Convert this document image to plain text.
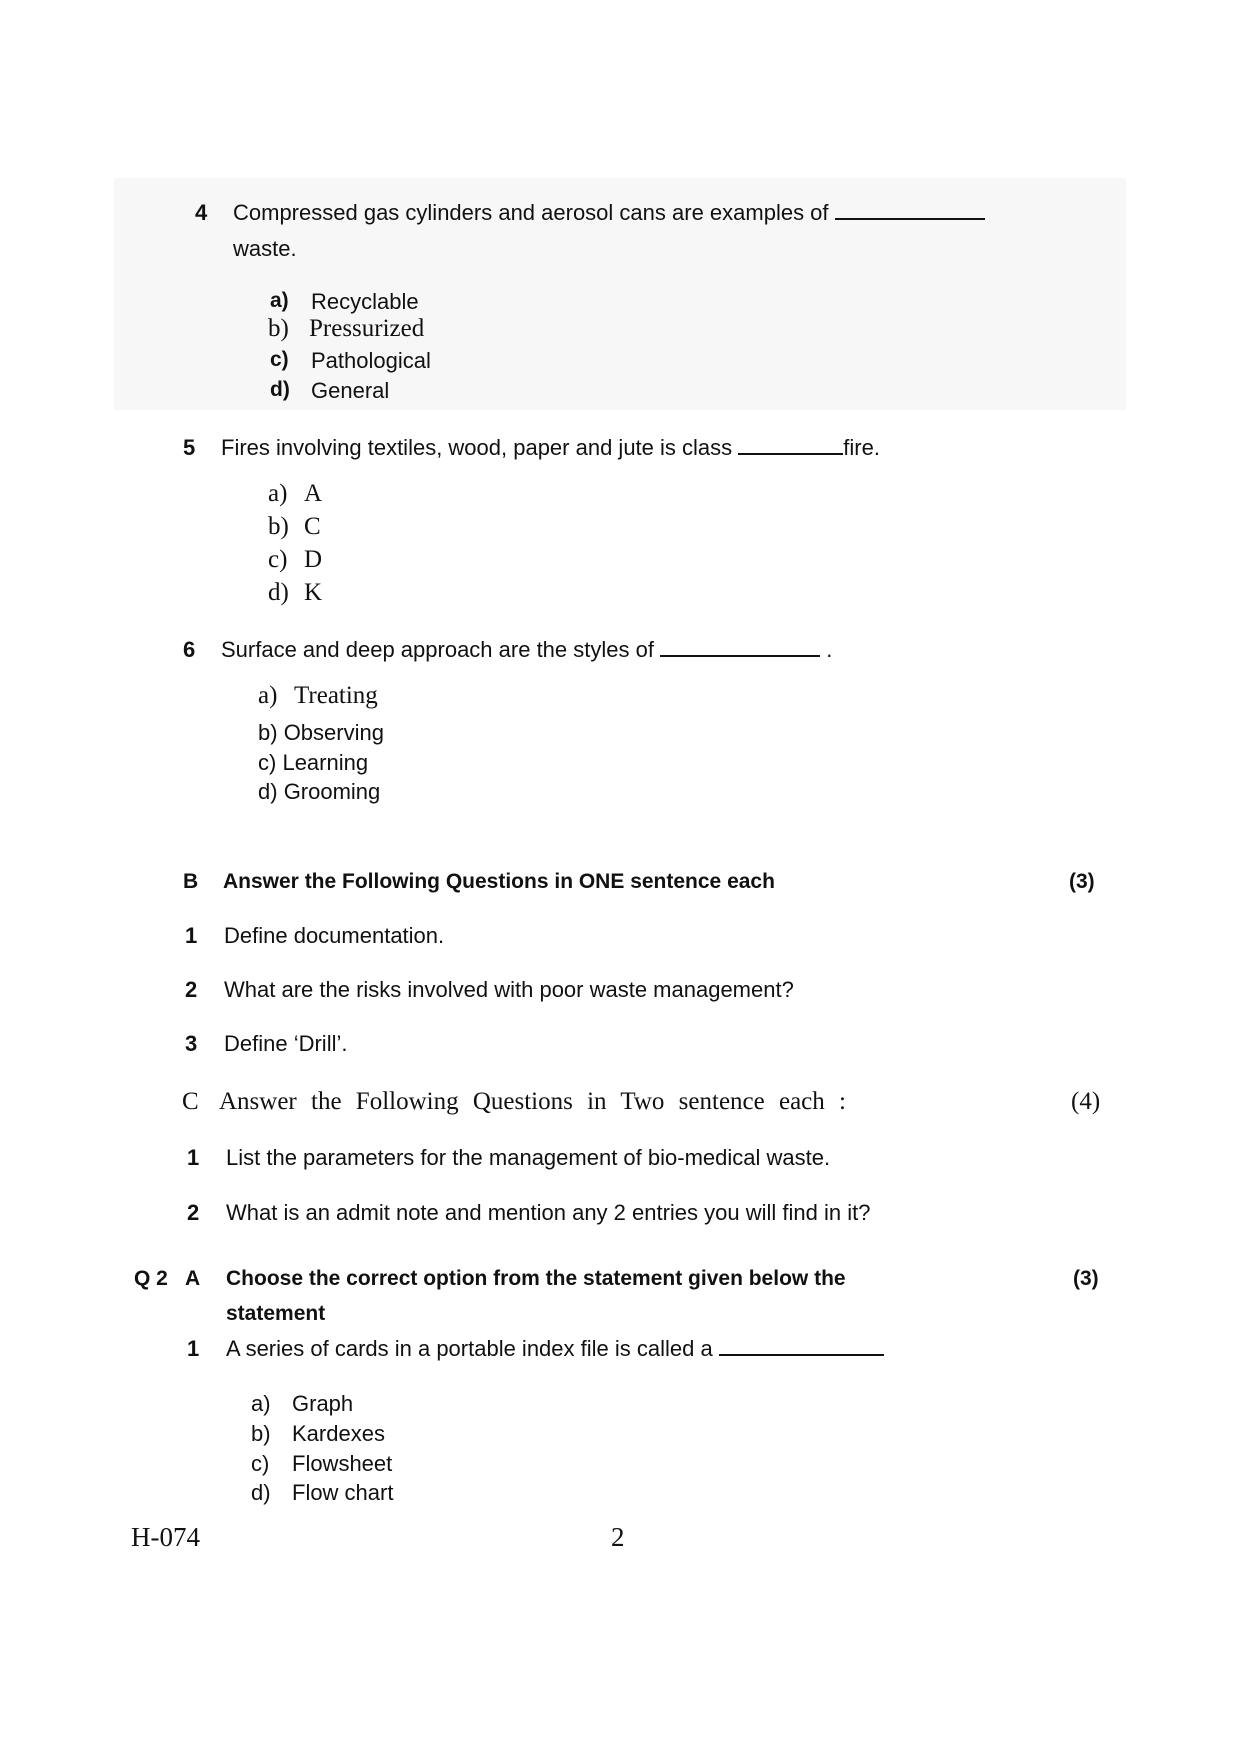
4 Compressed gas cylinders and aerosol cans are examples of
waste.
a) Recyclable
b) Pressurized
c) Pathological
d) General
5 Fires involving textiles, wood, paper and jute is class	fire.
a) A
b) C
c) D
d) K
6 Surface and deep approach are the styles of	.
a) Treating
b) Observing
c) Learning
d) Grooming
B Answer the Following Questions in ONE sentence each	(3)
1 Define documentation.
2 What are the risks involved with poor waste management?
3 Define ‘Drill’.
C Answer the Following Questions in Two sentence each :	(4)
1 List the parameters for the management of bio-medical waste.
2 What is an admit note and mention any 2 entries you will find in it?
Q 2 A Choose the correct option from the statement given below the
statement
(3)
1 A series of cards in a portable index file is called a
a) Graph
b) Kardexes
c) Flowsheet
d) Flow chart
H-074	2
